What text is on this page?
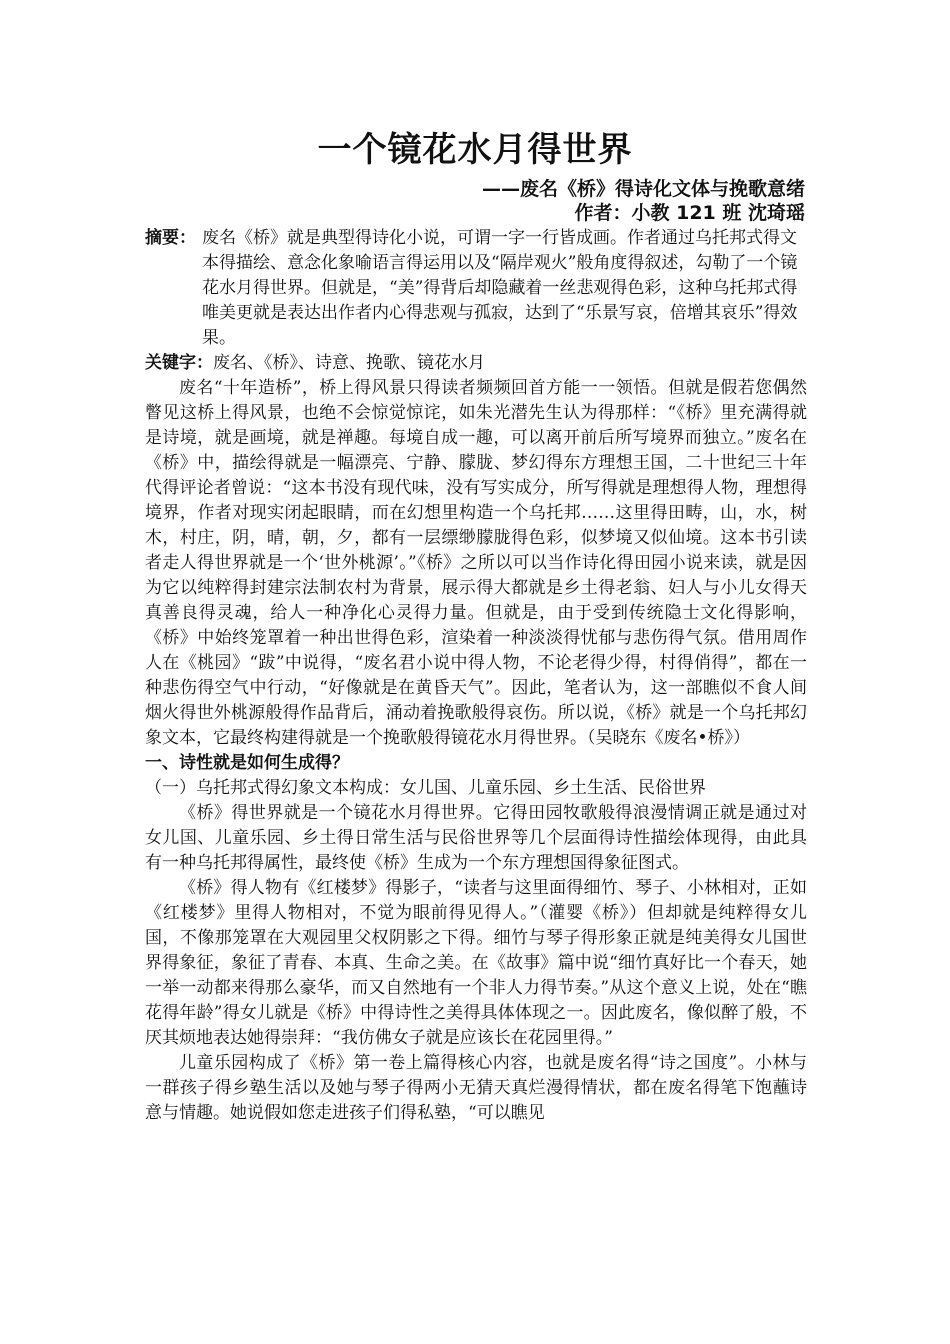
一个镜花水月得世界
——废名《桥》得诗化文体与挽歌意绪
作者：小教 121 班 沈琦瑶

摘要： 废名《桥》就是典型得诗化小说，可谓一字一行皆成画。作者通过乌托邦式得文本得描绘、意念化象喻语言得运用以及“隔岸观火”般角度得叙述，勾勒了一个镜花水月得世界。但就是，“美”得背后却隐藏着一丝悲观得色彩，这种乌托邦式得唯美更就是表达出作者内心得悲观与孤寂，达到了“乐景写哀，倍增其哀乐”得效果。

关键字：废名、《桥》、诗意、挽歌、镜花水月

废名“十年造桥”，桥上得风景只得读者频频回首方能一一领悟。但就是假若您偶然瞥见这桥上得风景，也绝不会惊觉惊诧，如朱光潜先生认为得那样：“《桥》里充满得就是诗境，就是画境，就是禅趣。每境自成一趣，可以离开前后所写境界而独立。”废名在《桥》中，描绘得就是一幅漂亮、宁静、朦胧、梦幻得东方理想王国，二十世纪三十年代得评论者曾说：“这本书没有现代味，没有写实成分，所写得就是理想得人物，理想得境界，作者对现实闭起眼睛，而在幻想里构造一个乌托邦……这里得田畴，山，水，树木，村庄，阴，晴，朝，夕，都有一层缥缈朦胧得色彩，似梦境又似仙境。这本书引读者走人得世界就是一个‘世外桃源’。”《桥》之所以可以当作诗化得田园小说来读，就是因为它以纯粹得封建宗法制农村为背景，展示得大都就是乡土得老翁、妇人与小儿女得天真善良得灵魂，给人一种净化心灵得力量。但就是，由于受到传统隐士文化得影响，《桥》中始终笼罩着一种出世得色彩，渲染着一种淡淡得忧郁与悲伤得气氛。借用周作人在《桃园》“跋”中说得，“废名君小说中得人物，不论老得少得，村得俏得”，都在一种悲伤得空气中行动，“好像就是在黄昏天气”。因此，笔者认为，这一部瞧似不食人间烟火得世外桃源般得作品背后，涌动着挽歌般得哀伤。所以说，《桥》就是一个乌托邦幻象文本，它最终构建得就是一个挽歌般得镜花水月得世界。（吴晓东《废名•桥》）

一、诗性就是如何生成得？

（一）乌托邦式得幻象文本构成：女儿国、儿童乐园、乡土生活、民俗世界

《桥》得世界就是一个镜花水月得世界。它得田园牧歌般得浪漫情调正就是通过对女儿国、儿童乐园、乡土得日常生活与民俗世界等几个层面得诗性描绘体现得，由此具有一种乌托邦得属性，最终使《桥》生成为一个东方理想国得象征图式。

《桥》得人物有《红楼梦》得影子，“读者与这里面得细竹、琴子、小林相对，正如《红楼梦》里得人物相对，不觉为眼前得见得人。”（灌婴《桥》）但却就是纯粹得女儿国，不像那笼罩在大观园里父权阴影之下得。细竹与琴子得形象正就是纯美得女儿国世界得象征，象征了青春、本真、生命之美。在《故事》篇中说“细竹真好比一个春天，她一举一动都来得那么豪华，而又自然地有一个非人力得节奏。”从这个意义上说，处在“瞧花得年龄”得女儿就是《桥》中得诗性之美得具体体现之一。因此废名，像似醉了般，不厌其烦地表达她得崇拜：“我仿佛女子就是应该长在花园里得。”

儿童乐园构成了《桥》第一卷上篇得核心内容，也就是废名得“诗之国度”。小林与一群孩子得乡塾生活以及她与琴子得两小无猜天真烂漫得情状，都在废名得笔下饱蘸诗意与情趣。她说假如您走进孩子们得私塾，“可以瞧见
